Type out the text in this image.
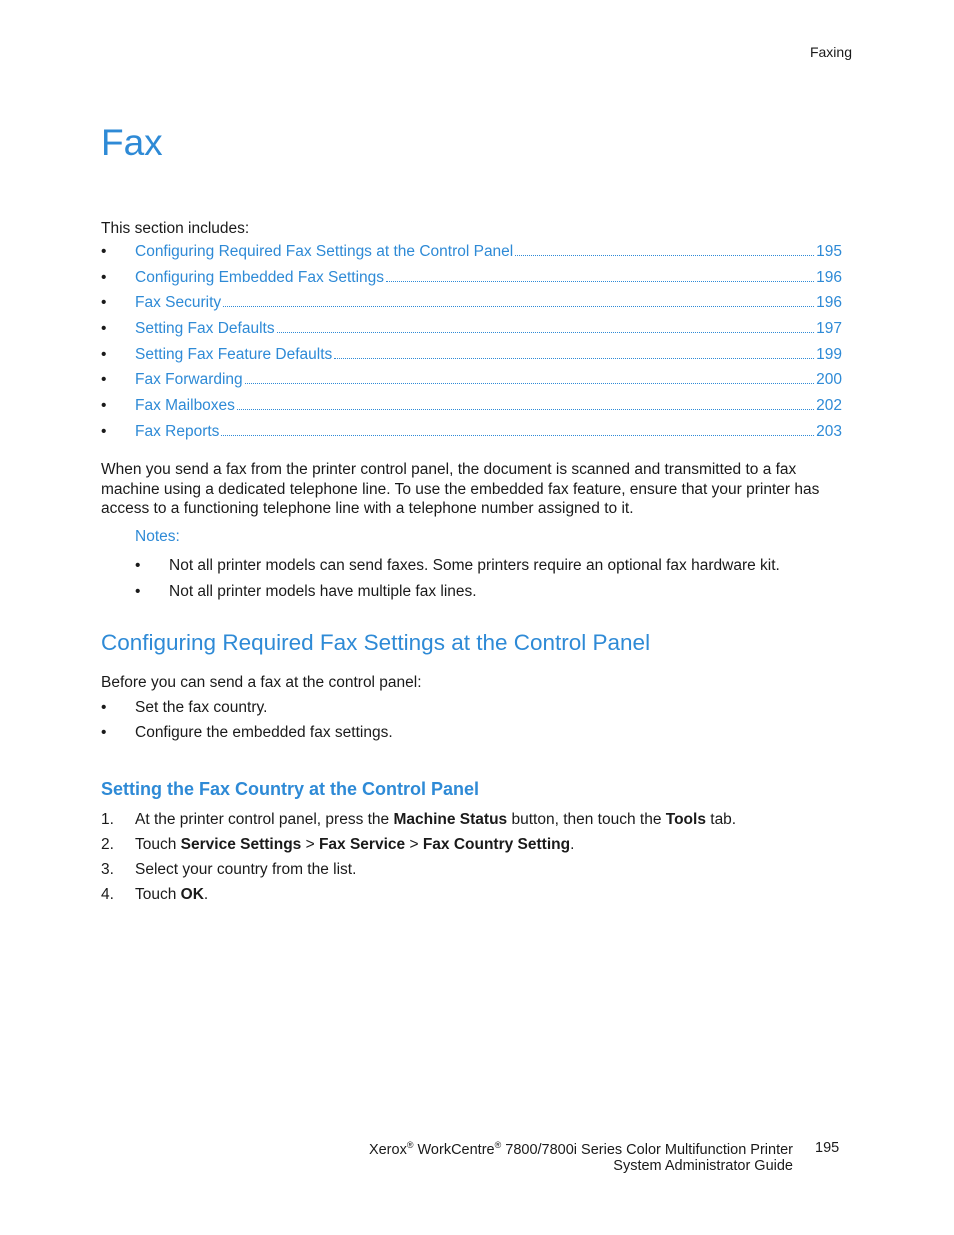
Faxing
Fax
This section includes:
•	Configuring Required Fax Settings at the Control Panel	195
•	Configuring Embedded Fax Settings	196
•	Fax Security	196
•	Setting Fax Defaults	197
•	Setting Fax Feature Defaults	199
•	Fax Forwarding	200
•	Fax Mailboxes	202
•	Fax Reports	203

When you send a fax from the printer control panel, the document is scanned and transmitted to a fax machine using a dedicated telephone line. To use the embedded fax feature, ensure that your printer has access to a functioning telephone line with a telephone number assigned to it.

Notes:
•	Not all printer models can send faxes. Some printers require an optional fax hardware kit.
•	Not all printer models have multiple fax lines.
Configuring Required Fax Settings at the Control Panel
Before you can send a fax at the control panel:
•	Set the fax country.
•	Configure the embedded fax settings.
Setting the Fax Country at the Control Panel
1.	At the printer control panel, press the Machine Status button, then touch the Tools tab.
2.	Touch Service Settings > Fax Service > Fax Country Setting.
3.	Select your country from the list.
4.	Touch OK.
Xerox® WorkCentre® 7800/7800i Series Color Multifunction Printer 195
System Administrator Guide
